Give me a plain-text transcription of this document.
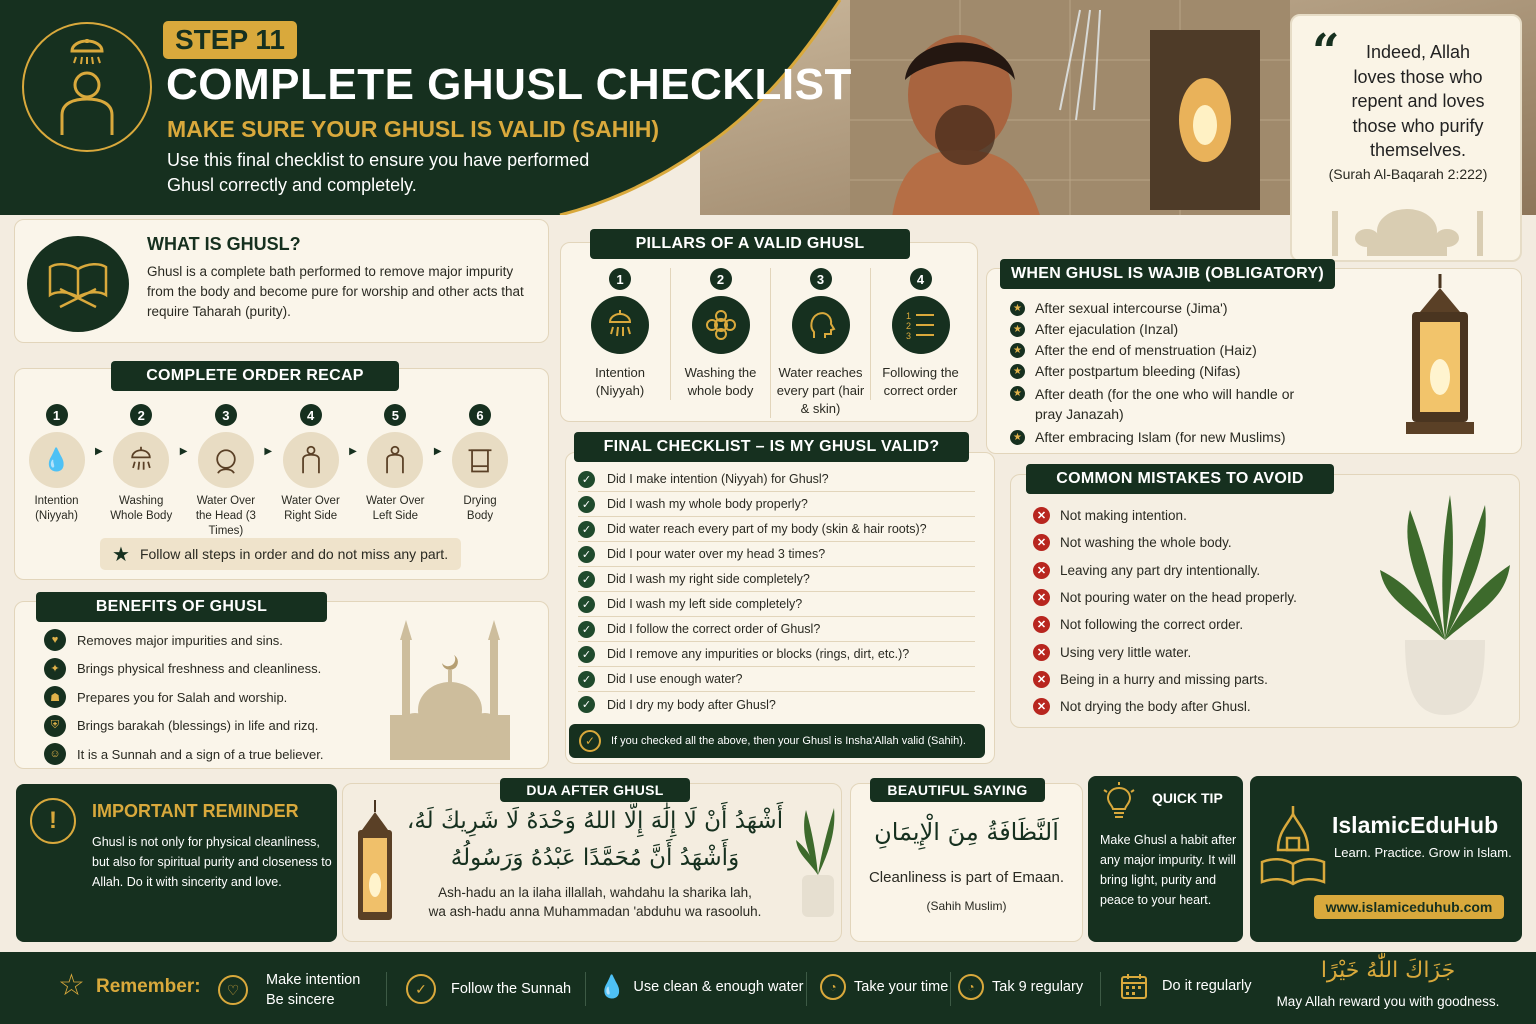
STEP 11
COMPLETE GHUSL CHECKLIST
MAKE SURE YOUR GHUSL IS VALID (SAHIH)
Use this final checklist to ensure you have performed
Ghusl correctly and completely.
“	Indeed, Allah
loves those who
repent and loves
those who purify
themselves.
(Surah Al-Baqarah 2:222)
WHAT IS GHUSL?
Ghusl is a complete bath performed to remove major impurity from the body and become pure for worship and other acts that require Taharah (purity).
PILLARS OF A VALID GHUSL
1
Intention (Niyyah)
2
Washing the whole body
3
Water reaches every part (hair & skin)
4
1
2
3
Following the correct order
WHEN GHUSL IS WAJIB (OBLIGATORY)
★ After sexual intercourse (Jima')
★ After ejaculation (Inzal)
★ After the end of menstruation (Haiz)
★ After postpartum bleeding (Nifas)
★ After death (for the one who will handle or pray Janazah)
★ After embracing Islam (for new Muslims)
COMPLETE ORDER RECAP
1
💧
Intention (Niyyah)
▶
2
Washing Whole Body
▶
3
Water Over the Head (3 Times)
▶
4
Water Over Right Side
▶
5
Water Over Left Side
▶
6
Drying Body
★ Follow all steps in order and do not miss any part.
FINAL CHECKLIST – IS MY GHUSL VALID?
✓	Did I make intention (Niyyah) for Ghusl?
✓	Did I wash my whole body properly?
✓	Did water reach every part of my body (skin & hair roots)?
✓	Did I pour water over my head 3 times?
✓	Did I wash my right side completely?
✓	Did I wash my left side completely?
✓	Did I follow the correct order of Ghusl?
✓	Did I remove any impurities or blocks (rings, dirt, etc.)?
✓	Did I use enough water?
✓	Did I dry my body after Ghusl?
✓	If you checked all the above, then your Ghusl is Insha'Allah valid (Sahih).
COMMON MISTAKES TO AVOID
✕ Not making intention.
✕ Not washing the whole body.
✕ Leaving any part dry intentionally.
✕ Not pouring water on the head properly.
✕ Not following the correct order.
✕ Using very little water.
✕ Being in a hurry and missing parts.
✕ Not drying the body after Ghusl.
BENEFITS OF GHUSL
♥	Removes major impurities and sins.
✦	Brings physical freshness and cleanliness.
☗	Prepares you for Salah and worship.
⛨	Brings barakah (blessings) in life and rizq.
☺	It is a Sunnah and a sign of a true believer.
!	IMPORTANT REMINDER
Ghusl is not only for physical cleanliness, but also for spiritual purity and closeness to Allah. Do it with sincerity and love.
DUA AFTER GHUSL
أَشْهَدُ أَنْ لَا إِلَٰهَ إِلَّا اللهُ وَحْدَهُ لَا شَرِيكَ لَهُ،
وَأَشْهَدُ أَنَّ مُحَمَّدًا عَبْدُهُ وَرَسُولُهُ
Ash-hadu an la ilaha illallah, wahdahu la sharika lah,
wa ash-hadu anna Muhammadan 'abduhu wa rasooluh.
BEAUTIFUL SAYING
اَلنَّظَافَةُ مِنَ الْإِيمَانِ
Cleanliness is part of Emaan.
(Sahih Muslim)
QUICK TIP
Make Ghusl a habit after any major impurity. It will bring light, purity and peace to your heart.
IslamicEduHub
Learn. Practice. Grow in Islam.
www.islamiceduhub.com
☆ Remember:	♡
Make intention
Be sincere
✓	Follow the Sunnah 💧 Use clean & enough water	◔	Take your time	◔	Tak 9 regulary	Do it regularly
جَزَاكَ اللّٰهُ خَيْرًا
May Allah reward you with goodness.
